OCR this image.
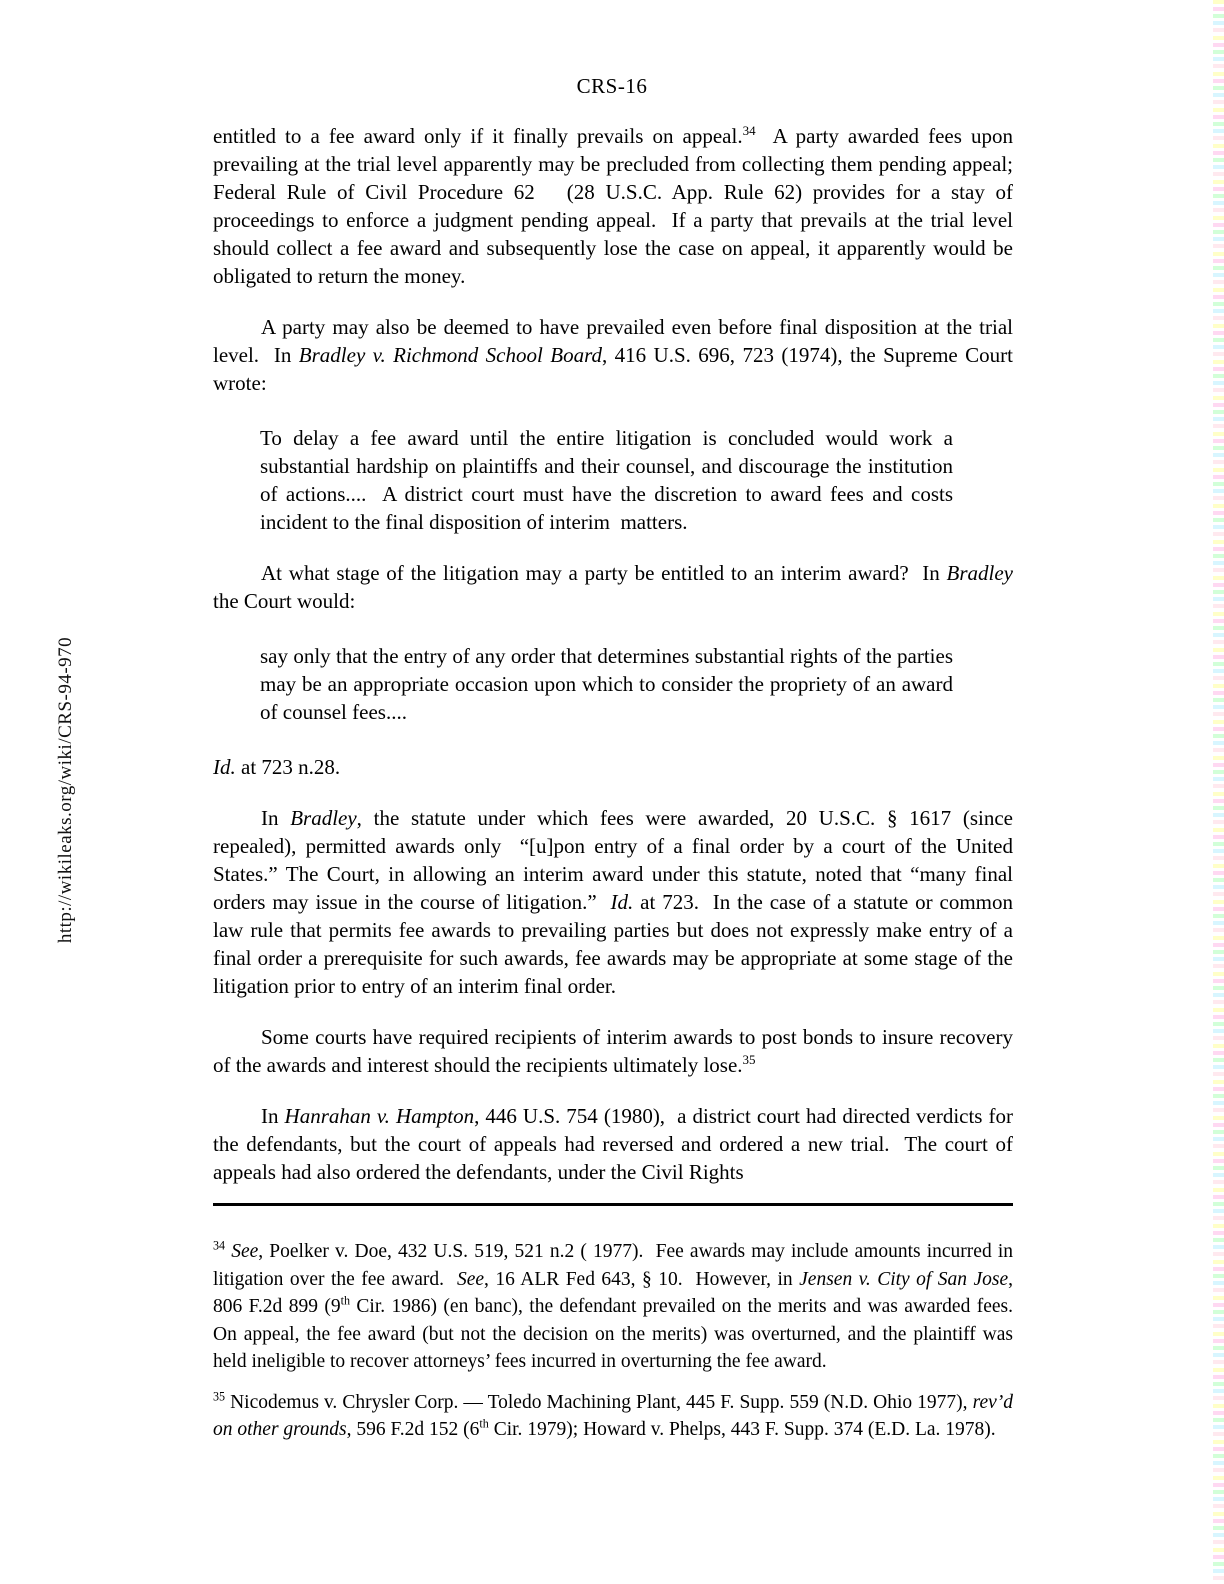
http://wikileaks.org/wiki/CRS-94-970
CRS-16

entitled to a fee award only if it finally prevails on appeal.$^{34}$  A party awarded fees upon prevailing at the trial level apparently may be precluded from collecting them pending appeal; Federal Rule of Civil Procedure 62   (28 U.S.C. App. Rule 62) provides for a stay of proceedings to enforce a judgment pending appeal.  If a party that prevails at the trial level should collect a fee award and subsequently lose the case on appeal, it apparently would be obligated to return the money.

A party may also be deemed to have prevailed even before final disposition at the trial level.  In Bradley v. Richmond School Board, 416 U.S. 696, 723 (1974), the Supreme Court wrote:

To delay a fee award until the entire litigation is concluded would work a substantial hardship on plaintiffs and their counsel, and discourage the institution of actions....  A district court must have the discretion to award fees and costs incident to the final disposition of interim  matters.

At what stage of the litigation may a party be entitled to an interim award?  In Bradley the Court would:

say only that the entry of any order that determines substantial rights of the parties may be an appropriate occasion upon which to consider the propriety of an award of counsel fees....

Id. at 723 n.28.

In Bradley, the statute under which fees were awarded, 20 U.S.C. § 1617 (since repealed), permitted awards only  “[u]pon entry of a final order by a court of the United States.” The Court, in allowing an interim award under this statute, noted that “many final orders may issue in the course of litigation.”  Id. at 723.  In the case of a statute or common law rule that permits fee awards to prevailing parties but does not expressly make entry of a final order a prerequisite for such awards, fee awards may be appropriate at some stage of the litigation prior to entry of an interim final order.

Some courts have required recipients of interim awards to post bonds to insure recovery of the awards and interest should the recipients ultimately lose.$^{35}$

In Hanrahan v. Hampton, 446 U.S. 754 (1980),  a district court had directed verdicts for the defendants, but the court of appeals had reversed and ordered a new trial.  The court of appeals had also ordered the defendants, under the Civil Rights

$^{34}$ See, Poelker v. Doe, 432 U.S. 519, 521 n.2 ( 1977).  Fee awards may include amounts incurred in litigation over the fee award.  See, 16 ALR Fed 643, § 10.  However, in Jensen v. City of San Jose, 806 F.2d 899 (9th Cir. 1986) (en banc), the defendant prevailed on the merits and was awarded fees.  On appeal, the fee award (but not the decision on the merits) was overturned, and the plaintiff was held ineligible to recover attorneys’ fees incurred in overturning the fee award.

$^{35}$ Nicodemus v. Chrysler Corp. — Toledo Machining Plant, 445 F. Supp. 559 (N.D. Ohio 1977), rev’d on other grounds, 596 F.2d 152 (6th Cir. 1979); Howard v. Phelps, 443 F. Supp. 374 (E.D. La. 1978).
